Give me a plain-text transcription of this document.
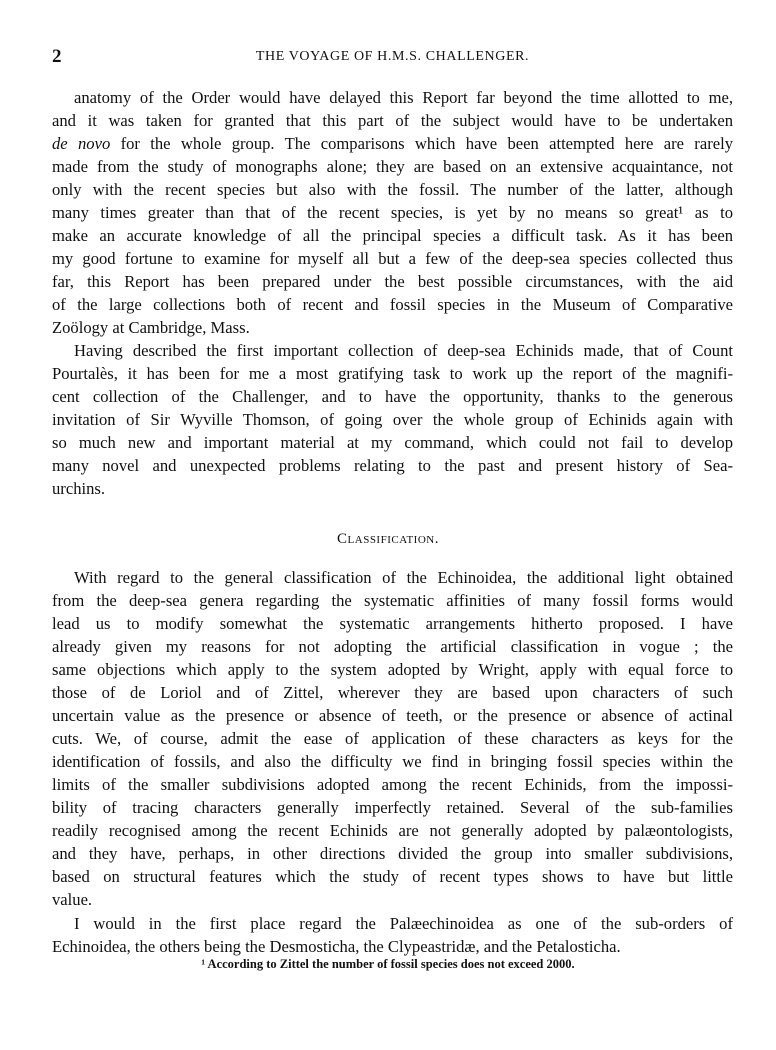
2	THE VOYAGE OF H.M.S. CHALLENGER.
anatomy of the Order would have delayed this Report far beyond the time allotted to me,
and it was taken for granted that this part of the subject would have to be undertaken
de novo for the whole group. The comparisons which have been attempted here are rarely
made from the study of monographs alone; they are based on an extensive acquaintance, not
only with the recent species but also with the fossil. The number of the latter, although
many times greater than that of the recent species, is yet by no means so great¹ as to
make an accurate knowledge of all the principal species a difficult task. As it has been
my good fortune to examine for myself all but a few of the deep-sea species collected thus
far, this Report has been prepared under the best possible circumstances, with the aid
of the large collections both of recent and fossil species in the Museum of Comparative
Zoölogy at Cambridge, Mass.
Having described the first important collection of deep-sea Echinids made, that of Count
Pourtalès, it has been for me a most gratifying task to work up the report of the magnifi-
cent collection of the Challenger, and to have the opportunity, thanks to the generous
invitation of Sir Wyville Thomson, of going over the whole group of Echinids again with
so much new and important material at my command, which could not fail to develop
many novel and unexpected problems relating to the past and present history of Sea-
urchins.
Classification.
With regard to the general classification of the Echinoidea, the additional light obtained
from the deep-sea genera regarding the systematic affinities of many fossil forms would
lead us to modify somewhat the systematic arrangements hitherto proposed. I have
already given my reasons for not adopting the artificial classification in vogue ; the
same objections which apply to the system adopted by Wright, apply with equal force to
those of de Loriol and of Zittel, wherever they are based upon characters of such
uncertain value as the presence or absence of teeth, or the presence or absence of actinal
cuts. We, of course, admit the ease of application of these characters as keys for the
identification of fossils, and also the difficulty we find in bringing fossil species within the
limits of the smaller subdivisions adopted among the recent Echinids, from the impossi-
bility of tracing characters generally imperfectly retained. Several of the sub-families
readily recognised among the recent Echinids are not generally adopted by palæontologists,
and they have, perhaps, in other directions divided the group into smaller subdivisions,
based on structural features which the study of recent types shows to have but little
value.
I would in the first place regard the Palæechinoidea as one of the sub-orders of
Echinoidea, the others being the Desmosticha, the Clypeastridæ, and the Petalosticha.
¹ According to Zittel the number of fossil species does not exceed 2000.
